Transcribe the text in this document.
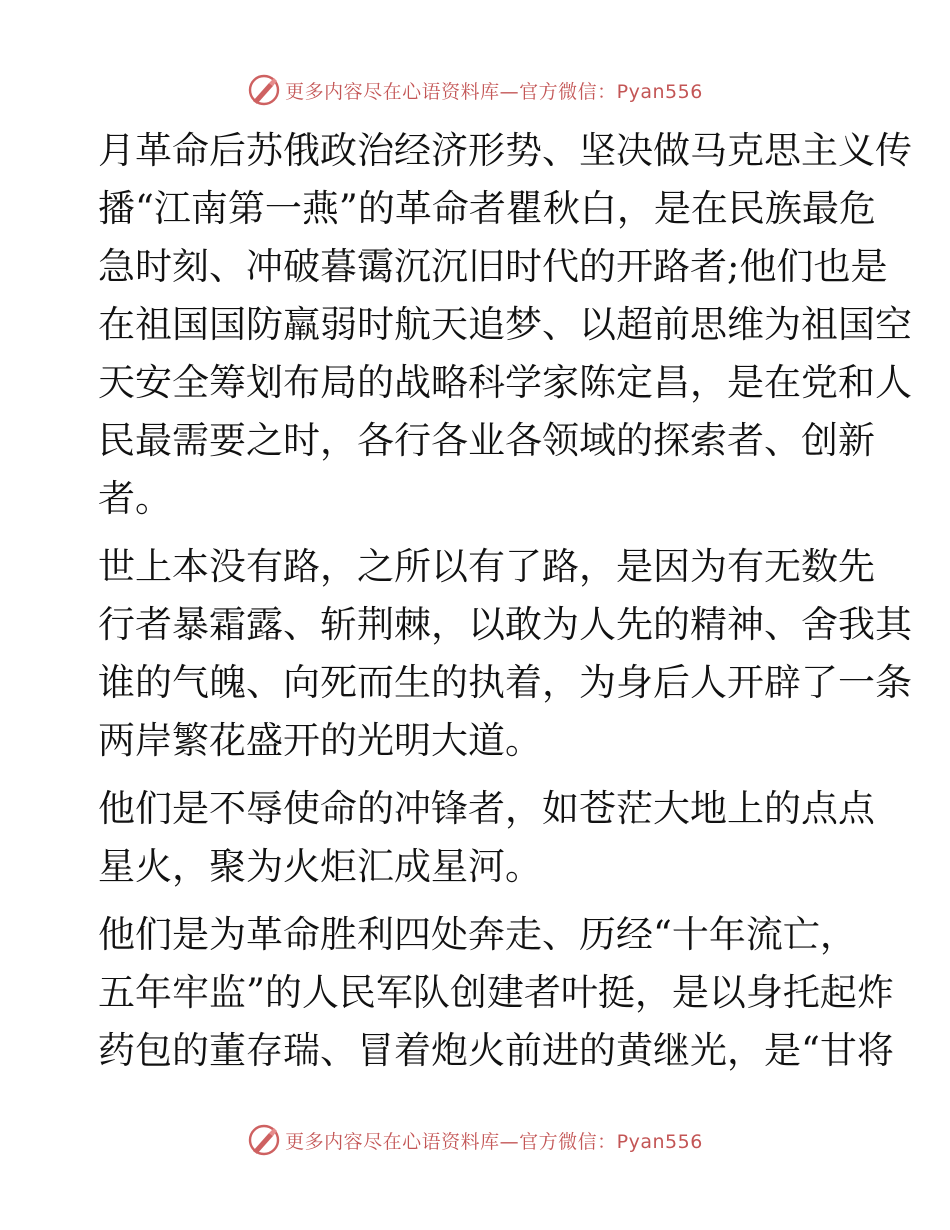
更多内容尽在心语资料库—官方微信：Pyan556
月革命后苏俄政治经济形势、坚决做马克思主义传
播“江南第一燕”的革命者瞿秋白，是在民族最危
急时刻、冲破暮霭沉沉旧时代的开路者;他们也是
在祖国国防羸弱时航天追梦、以超前思维为祖国空
天安全筹划布局的战略科学家陈定昌，是在党和人
民最需要之时，各行各业各领域的探索者、创新
者。
世上本没有路，之所以有了路，是因为有无数先
行者暴霜露、斩荆棘，以敢为人先的精神、舍我其
谁的气魄、向死而生的执着，为身后人开辟了一条
两岸繁花盛开的光明大道。
他们是不辱使命的冲锋者，如苍茫大地上的点点
星火，聚为火炬汇成星河。
他们是为革命胜利四处奔走、历经“十年流亡，
五年牢监”的人民军队创建者叶挺，是以身托起炸
药包的董存瑞、冒着炮火前进的黄继光，是“甘将
更多内容尽在心语资料库—官方微信：Pyan556
